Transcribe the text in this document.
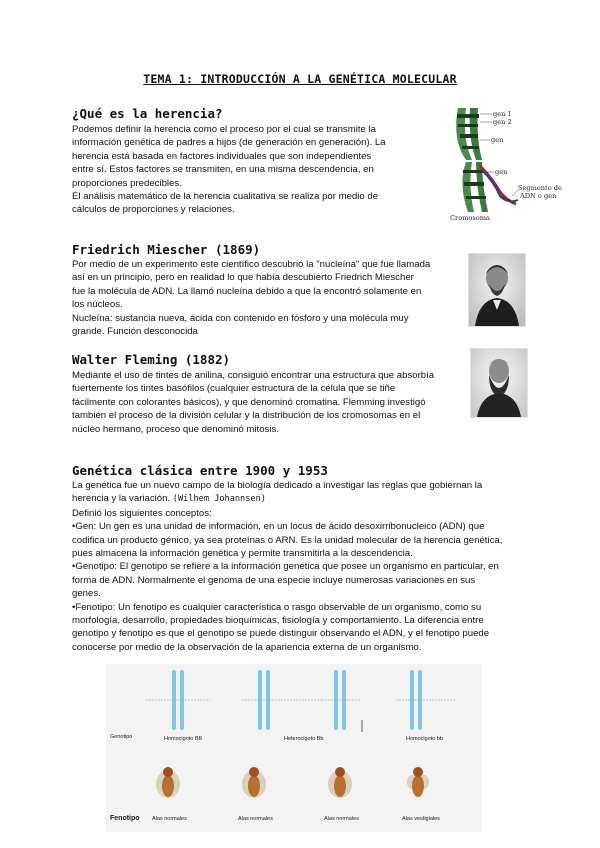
TEMA 1: INTRODUCCIÓN A LA GENÉTICA MOLECULAR
¿Qué es la herencia?
Podemos definir la herencia como el proceso por el cual se transmite la
información genética de padres a hijos (de generación en generación). La
herencia está basada en factores individuales que son independientes
entre sí. Estos factores se transmiten, en una misma descendencia, en
proporciones predecibles.
El análisis matemático de la herencia cualitativa se realiza por medio de
cálculos de proporciones y relaciones.
gen 1
gen 2
gen
gen
Segmento de
ADN o gen
Cromosoma
Friedrich Miescher (1869)
Por medio de un experimento este científico descubrió la "nucleína" que fue llamada
así en un principio, pero en realidad lo que había descubierto Friedrich Miescher
fue la molécula de ADN. La llamó nucleína debido a que la encontró solamente en
los núcleos.
Nucleína: sustancia nueva, ácida con contenido en fósforo y una molécula muy
grande. Función desconocida
Walter Fleming (1882)
Mediante el uso de tintes de anilina, consiguió encontrar una estructura que absorbía
fuertemente los tintes basófilos (cualquier estructura de la célula que se tiñe
fácilmente con colorantes básicos), y que denominó cromatina. Flemming investigó
también el proceso de la división celular y la distribución de los cromosomas en el
núcleo hermano, proceso que denominó mitosis.
Genética clásica entre 1900 y 1953
La genética fue un nuevo campo de la biología dedicado a investigar las reglas que gobiernan la
herencia y la variación. (Wilhem Johannsen)
Definió los siguientes conceptos:
•Gen: Un gen es una unidad de información, en un locus de ácido desoxirribonucleico (ADN) que
codifica un producto génico, ya sea proteínas o ARN. Es la unidad molecular de la herencia genética,
pues almacena la información genética y permite transmitirla a la descendencia.
•Genotipo: El genotipo se refiere a la información genética que posee un organismo en particular, en
forma de ADN. Normalmente el genoma de una especie incluye numerosas variaciones en sus
genes.
•Fenotipo: Un fenotipo es cualquier característica o rasgo observable de un organismo, como su
morfología, desarrollo, propiedades bioquímicas, fisiología y comportamiento. La diferencia entre
genotipo y fenotipo es que el genotipo se puede distinguir observando el ADN, y el fenotipo puede
conocerse por medio de la observación de la apariencia externa de un organismo.
Genotipo	Homocigoto BB	Heterocigoto Bb	Homocigoto bb
Fenotipo Alas normales	Alas normales	Alas normales	Alas vestigiales
